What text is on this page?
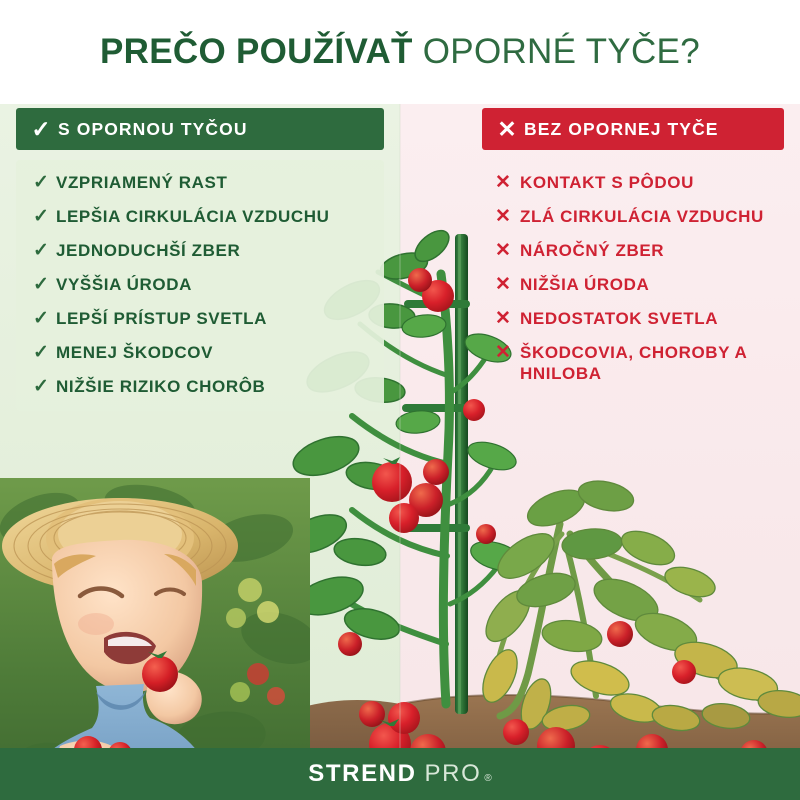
PREČO POUŽÍVAŤ OPORNÉ TYČE?
✓ S OPORNOU TYČOU	✕ BEZ OPORNEJ TYČE
✓ VZPRIAMENÝ RAST
✓ LEPŠIA CIRKULÁCIA VZDUCHU
✓ JEDNODUCHŠÍ ZBER
✓ VYŠŠIA ÚRODA
✓ LEPŠÍ PRÍSTUP SVETLA
✓ MENEJ ŠKODCOV
✓ NIŽŠIE RIZIKO CHORÔB
✕ KONTAKT S PÔDOU
✕ ZLÁ CIRKULÁCIA VZDUCHU
✕ NÁROČNÝ ZBER
✕ NIŽŠIA ÚRODA
✕ NEDOSTATOK SVETLA
✕ ŠKODCOVIA, CHOROBY A HNILOBA
STREND PRO ®
